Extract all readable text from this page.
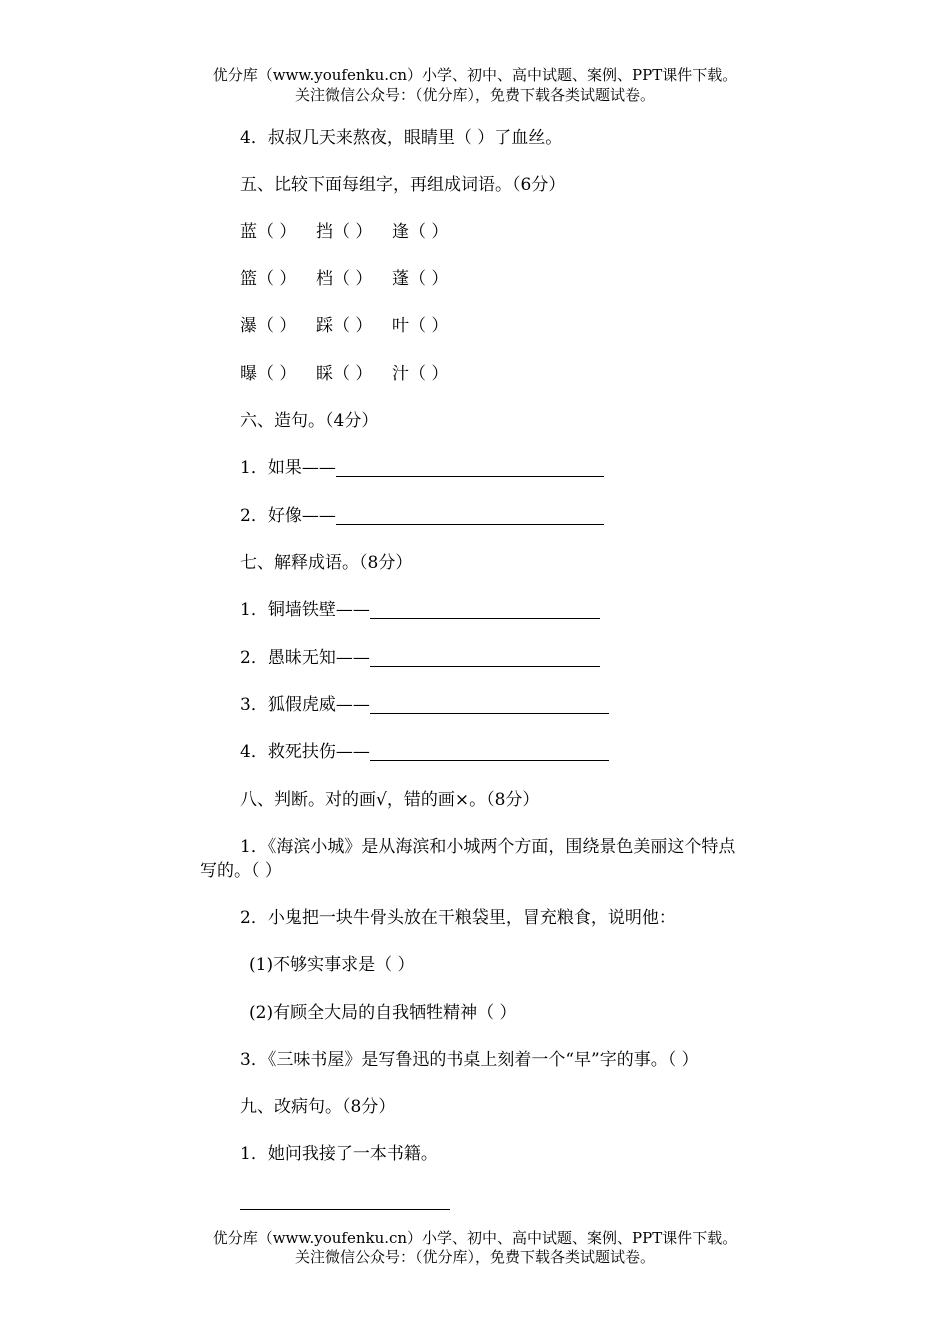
优分库（www.youfenku.cn）小学、初中、高中试题、案例、PPT课件下载。
关注微信公众号：（优分库），免费下载各类试题试卷。
4．叔叔几天来熬夜，眼睛里（ ）了血丝。
五、比较下面每组字，再组成词语。（6分）
蓝（ ） 挡（ ） 逢（ ）
篮（ ） 档（ ） 蓬（ ）
瀑（ ） 踩（ ） 叶（ ）
曝（ ） 睬（ ） 汁（ ）
六、造句。（4分）
1．如果——
2．好像——
七、解释成语。（8分）
1．铜墙铁壁——
2．愚昧无知——
3．狐假虎威——
4．救死扶伤——
八、判断。对的画√，错的画×。（8分）
1．《海滨小城》是从海滨和小城两个方面，围绕景色美丽这个特点
写的。（ ）
2．小鬼把一块牛骨头放在干粮袋里，冒充粮食，说明他：
(1)不够实事求是（ ）
(2)有顾全大局的自我牺牲精神（ ）
3．《三味书屋》是写鲁迅的书桌上刻着一个“早”字的事。（ ）
九、改病句。（8分）
1．她问我接了一本书籍。
优分库（www.youfenku.cn）小学、初中、高中试题、案例、PPT课件下载。
关注微信公众号：（优分库），免费下载各类试题试卷。
